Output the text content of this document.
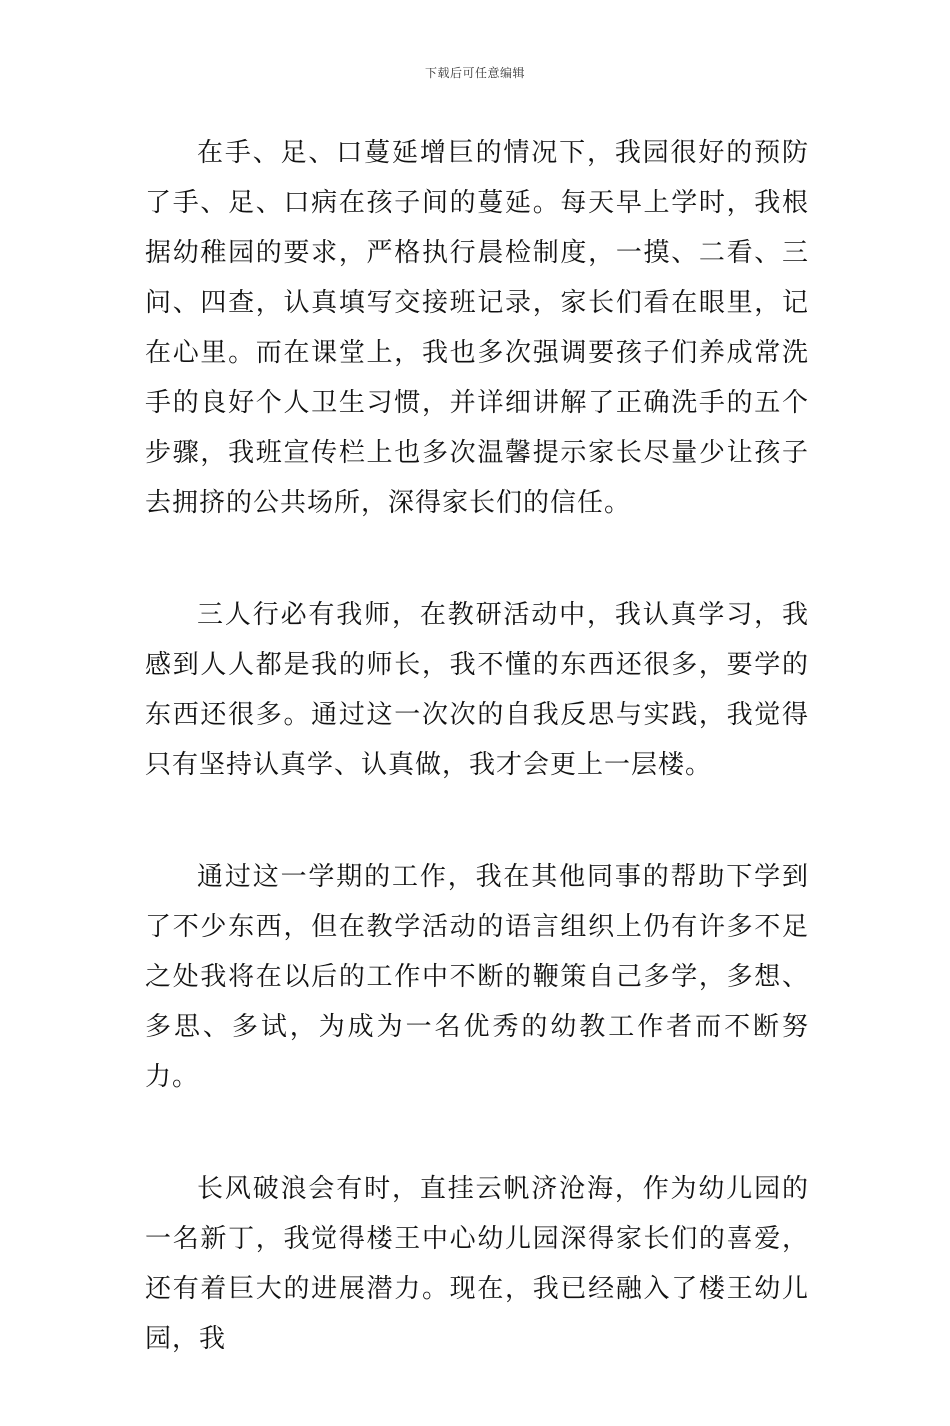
下载后可任意编辑

在手、足、口蔓延增巨的情况下，我园很好的预防了手、足、口病在孩子间的蔓延。每天早上学时，我根据幼稚园的要求，严格执行晨检制度，一摸、二看、三问、四查，认真填写交接班记录，家长们看在眼里，记在心里。而在课堂上，我也多次强调要孩子们养成常洗手的良好个人卫生习惯，并详细讲解了正确洗手的五个步骤，我班宣传栏上也多次温馨提示家长尽量少让孩子去拥挤的公共场所，深得家长们的信任。

三人行必有我师，在教研活动中，我认真学习，我感到人人都是我的师长，我不懂的东西还很多，要学的东西还很多。通过这一次次的自我反思与实践，我觉得只有坚持认真学、认真做，我才会更上一层楼。

通过这一学期的工作，我在其他同事的帮助下学到了不少东西，但在教学活动的语言组织上仍有许多不足之处我将在以后的工作中不断的鞭策自己多学，多想、多思、多试，为成为一名优秀的幼教工作者而不断努力。

长风破浪会有时，直挂云帆济沧海，作为幼儿园的一名新丁，我觉得楼王中心幼儿园深得家长们的喜爱，还有着巨大的进展潜力。现在，我已经融入了楼王幼儿园，我
